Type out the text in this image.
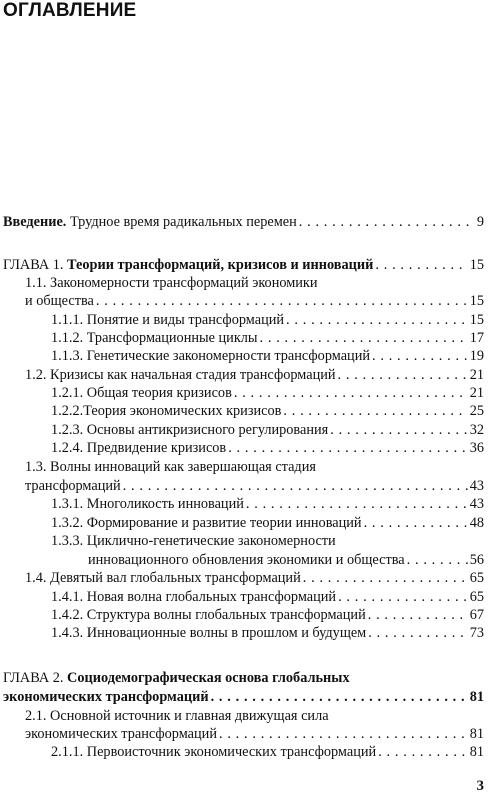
ОГЛАВЛЕНИЕ
Введение. Трудное время радикальных перемен . . .	9
ГЛАВА 1. Теории трансформаций, кризисов и инноваций . . .	15
1.1. Закономерности трансформаций экономики
и общества . . .	15
1.1.1. Понятие и виды трансформаций . . .	15
1.1.2. Трансформационные циклы . . .	17
1.1.3. Генетические закономерности трансформаций . . .	19
1.2. Кризисы как начальная стадия трансформаций . . .	21
1.2.1. Общая теория кризисов . . .	21
1.2.2.Теория экономических кризисов . . .	25
1.2.3. Основы антикризисного регулирования . . .	32
1.2.4. Предвидение кризисов . . .	36
1.3. Волны инноваций как завершающая стадия
трансформаций . . .	43
1.3.1. Многоликость инноваций . . .	43
1.3.2. Формирование и развитие теории инноваций . . .	48
1.3.3. Циклично-генетические закономерности
инновационного обновления экономики и общества . . .	56
1.4. Девятый вал глобальных трансформаций . . .	65
1.4.1. Новая волна глобальных трансформаций . . .	65
1.4.2. Структура волны глобальных трансформаций . . .	67
1.4.3. Инновационные волны в прошлом и будущем . . .	73
ГЛАВА 2. Социодемографическая основа глобальных
экономических трансформаций . . .	81
2.1. Основной источник и главная движущая сила
экономических трансформаций . . .	81
2.1.1. Первоисточник экономических трансформаций . . .	81
3
